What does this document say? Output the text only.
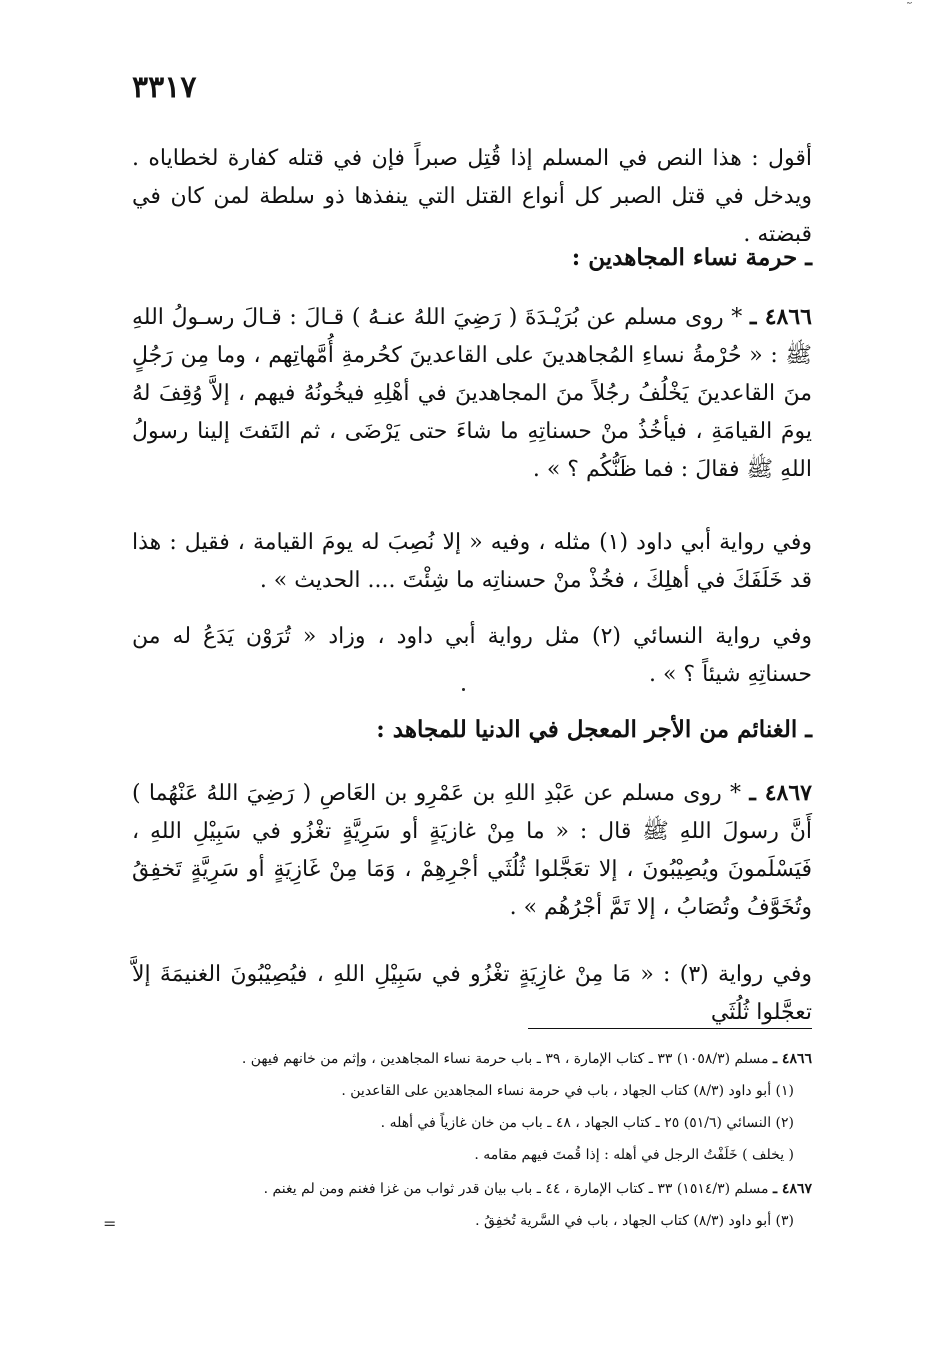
٣٣١٧

أقول : هذا النص في المسلم إذا قُتِل صبراً فإن في قتله كفارة لخطاياه . ويدخل في قتل الصبر كل أنواع القتل التي ينفذها ذو سلطة لمن كان في قبضته .

ـ حرمة نساء المجاهدين :

٤٨٦٦ ـ * روى مسلم عن بُرَيْـدَةَ ( رَضِيَ اللهُ عنـهُ ) قـالَ : قـالَ رسـولُ اللهِ ﷺ : « حُرْمةُ نساءِ المُجاهدينَ على القاعدينَ كحُرمةِ أُمَّهاتِهم ، وما مِن رَجُلٍ منَ القاعدينَ يَخْلُفُ رجُلاً منَ المجاهدينَ في أهْلِهِ فيخُونُهُ فيهم ، إلاَّ وُقِفَ لهُ يومَ القيامَةِ ، فيأخُذُ منْ حسناتِهِ ما شاءَ حتى يَرْضَى ، ثم التَفتَ إلينا رسولُ اللهِ ﷺ فقالَ : فما ظَنُّكُم ؟ » .

وفي رواية أبي داود (١) مثله ، وفيه « إلا نُصِبَ له يومَ القيامة ، فقيل : هذا قد خَلَفَكَ في أهلِكَ ، فخُذْ منْ حسناتِه ما شِئْتَ .... الحديث » .

وفي رواية النسائي (٢) مثل رواية أبي داود ، وزاد « تُرَوْن يَدَعُ له من حسناتِهِ شيئاً ؟ » .

ـ الغنائم من الأجر المعجل في الدنيا للمجاهد :

٤٨٦٧ ـ * روى مسلم عن عَبْدِ اللهِ بن عَمْرِو بن العَاصِ ( رَضِيَ اللهُ عَنْهُما ) أَنَّ رسولَ اللهِ ﷺ قال : « ما مِنْ غازيَةٍ أو سَرِيَّةٍ تغْزُو في سَبِيْلِ اللهِ ، فَيَسْلَمونَ ويُصِيْبُونَ ، إلا تعَجَّلوا ثُلُثَي أجْرِهِمْ ، وَمَا مِنْ غَازِيَةٍ أو سَرِيَّةٍ تَخفِقُ وتُخَوَّفُ وتُصَابُ ، إلا تَمَّ أجْرُهُم » .

وفي رواية (٣) : « مَا مِنْ غازِيَةٍ تغْزُو في سَبِيْلِ اللهِ ، فيُصِيْبُونَ الغنيمَةَ إلاَّ تعجَّلوا ثُلُثَي

٤٨٦٦ ـ مسلم (١٠٥٨/٣) ٣٣ ـ كتاب الإمارة ، ٣٩ ـ باب حرمة نساء المجاهدين ، وإثم من خانهم فيهن .
(١) أبو داود (٨/٣) كتاب الجهاد ، باب في حرمة نساء المجاهدين على القاعدين .
(٢) النسائي (٥١/٦) ٢٥ ـ كتاب الجهاد ، ٤٨ ـ باب من خان غازياً في أهله .
( يخلف ) خَلَفْتُ الرجل في أهله : إذا قُمتَ فيهم مقامه .
٤٨٦٧ ـ مسلم (١٥١٤/٣) ٣٣ ـ كتاب الإمارة ، ٤٤ ـ باب بيان قدر ثواب من غزا فغنم ومن لم يغنم .
(٣) أبو داود (٨/٣) كتاب الجهاد ، باب في السَّرية تُخفِقُ .
=
